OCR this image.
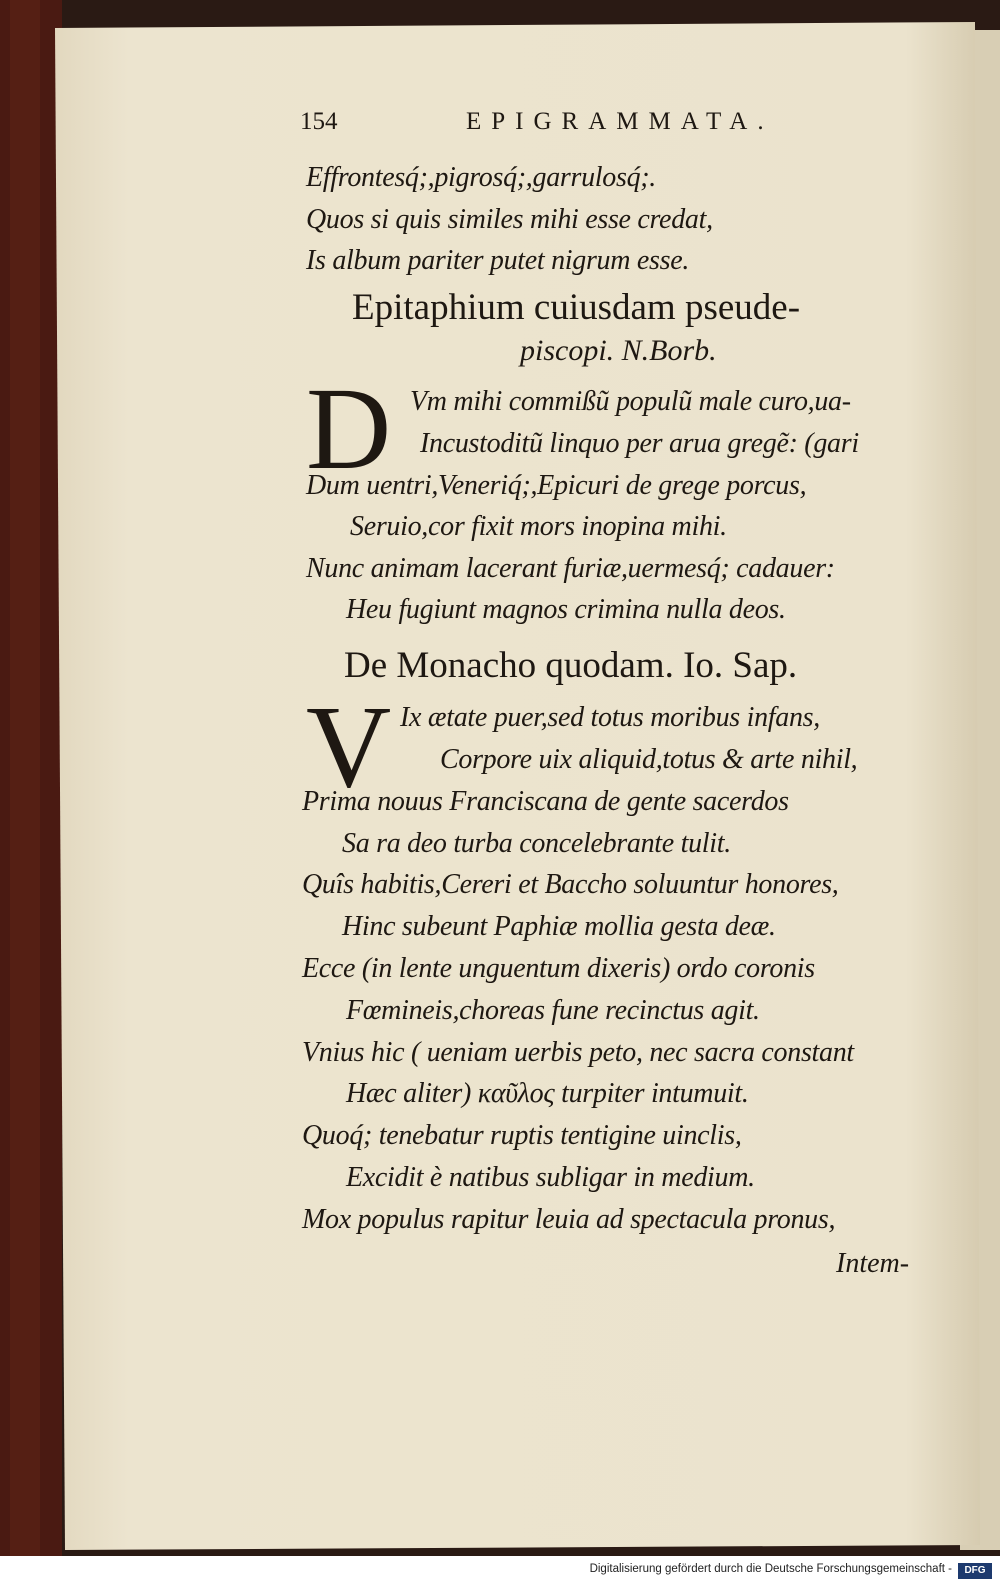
154	EPIGRAMMATA.
Effrontesq́;,pigrosq́;,garrulosq́;.
Quos si quis similes mihi esse credat,
Is album pariter putet nigrum esse.
Epitaphium cuiusdam pseude-
piscopi. N.Borb.
D Vm mihi commißũ populũ male curo,ua-
Incustoditũ linquo per arua gregẽ: (gari
Dum uentri,Veneriq́;,Epicuri de grege porcus,
Seruio,cor fixit mors inopina mihi.
Nunc animam lacerant furiæ,uermesq́; cadauer:
Heu fugiunt magnos crimina nulla deos.
De Monacho quodam. Io. Sap.
V Ix ætate puer,sed totus moribus infans,
Corpore uix aliquid,totus & arte nihil,
Prima nouus Franciscana de gente sacerdos
Sa ra deo turba concelebrante tulit.
Quîs habitis,Cereri et Baccho soluuntur honores,
Hinc subeunt Paphiæ mollia gesta deæ.
Ecce (in lente unguentum dixeris) ordo coronis
Fœmineis,choreas fune recinctus agit.
Vnius hic ( ueniam uerbis peto, nec sacra constant
Hæc aliter) καῦλος turpiter intumuit.
Quoq́; tenebatur ruptis tentigine uinclis,
Excidit è natibus subligar in medium.
Mox populus rapitur leuia ad spectacula pronus,
Intem-
Digitalisierung gefördert durch die Deutsche Forschungsgemeinschaft -	DFG
